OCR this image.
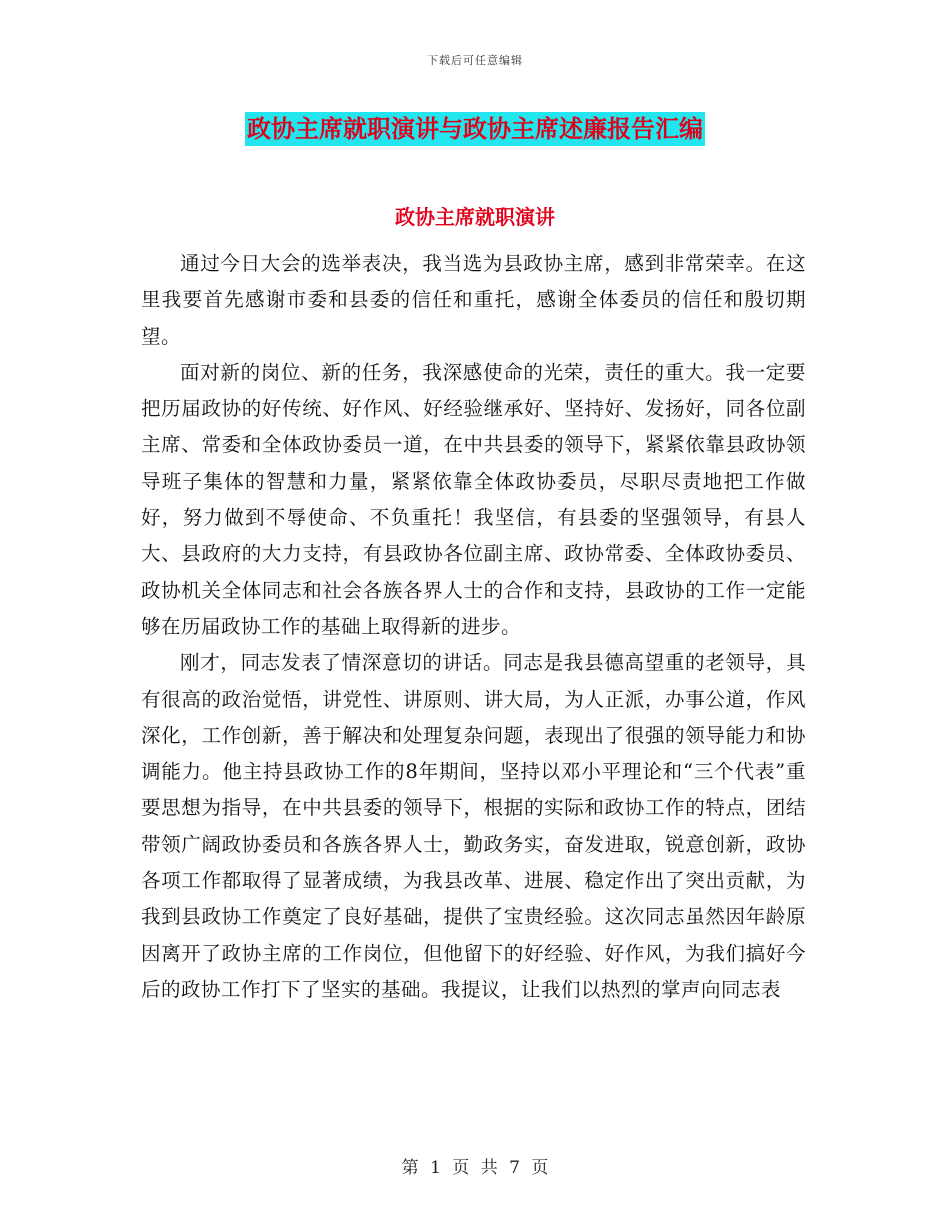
下载后可任意编辑
政协主席就职演讲与政协主席述廉报告汇编
政协主席就职演讲

通过今日大会的选举表决，我当选为县政协主席，感到非常荣幸。在这里我要首先感谢市委和县委的信任和重托，感谢全体委员的信任和殷切期望。

面对新的岗位、新的任务，我深感使命的光荣，责任的重大。我一定要把历届政协的好传统、好作风、好经验继承好、坚持好、发扬好，同各位副主席、常委和全体政协委员一道，在中共县委的领导下，紧紧依靠县政协领导班子集体的智慧和力量，紧紧依靠全体政协委员，尽职尽责地把工作做好，努力做到不辱使命、不负重托！我坚信，有县委的坚强领导，有县人大、县政府的大力支持，有县政协各位副主席、政协常委、全体政协委员、政协机关全体同志和社会各族各界人士的合作和支持，县政协的工作一定能够在历届政协工作的基础上取得新的进步。

刚才，同志发表了情深意切的讲话。同志是我县德高望重的老领导，具有很高的政治觉悟，讲党性、讲原则、讲大局，为人正派，办事公道，作风深化，工作创新，善于解决和处理复杂问题，表现出了很强的领导能力和协调能力。他主持县政协工作的8年期间，坚持以邓小平理论和“三个代表”重要思想为指导，在中共县委的领导下，根据的实际和政协工作的特点，团结带领广阔政协委员和各族各界人士，勤政务实，奋发进取，锐意创新，政协各项工作都取得了显著成绩，为我县改革、进展、稳定作出了突出贡献，为我到县政协工作奠定了良好基础，提供了宝贵经验。这次同志虽然因年龄原因离开了政协主席的工作岗位，但他留下的好经验、好作风，为我们搞好今后的政协工作打下了坚实的基础。我提议，让我们以热烈的掌声向同志表

第 1 页 共 7 页
